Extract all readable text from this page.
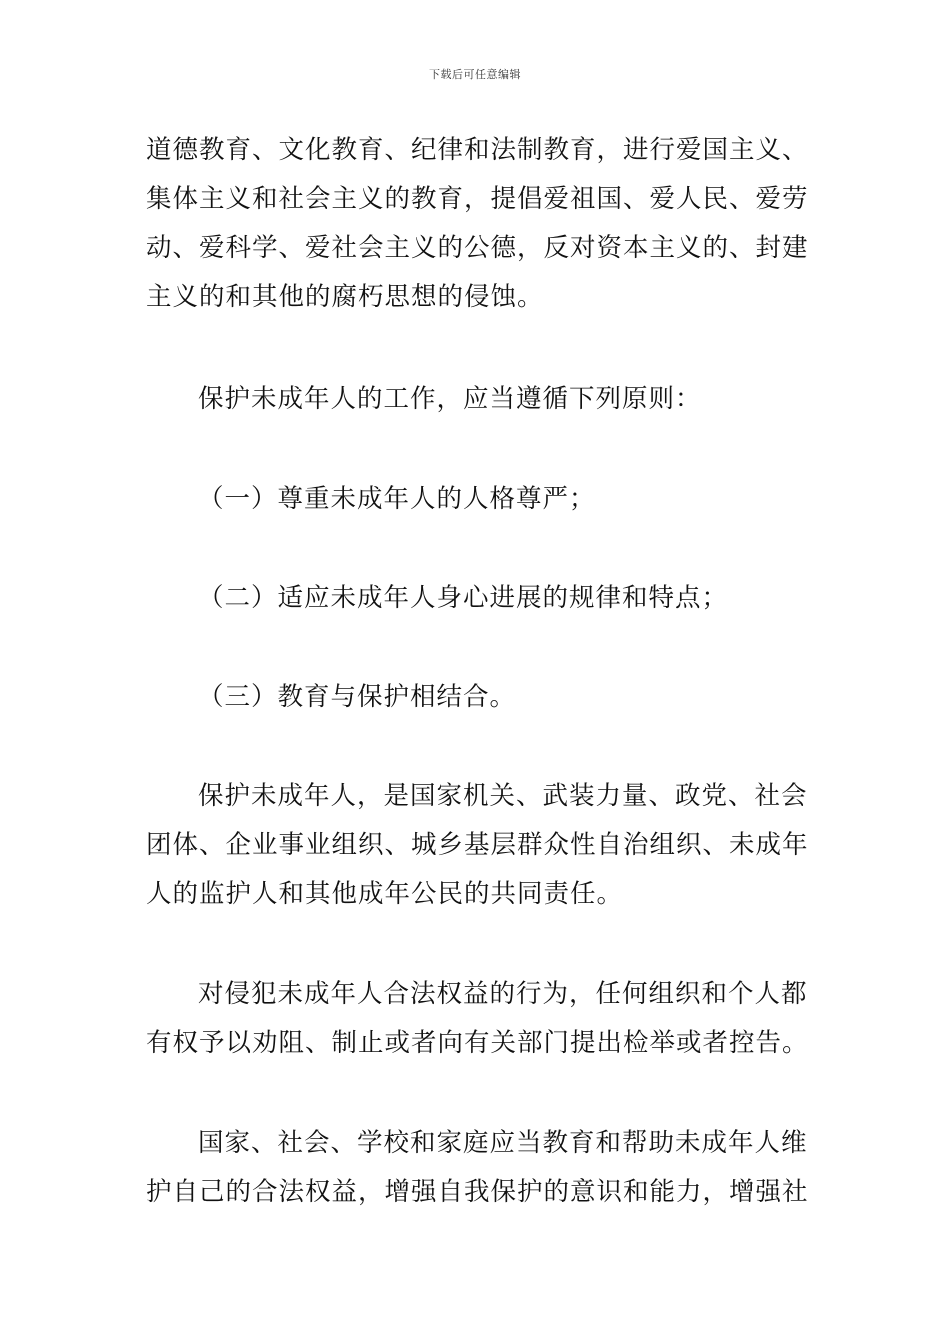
下载后可任意编辑

道德教育、文化教育、纪律和法制教育，进行爱国主义、集体主义和社会主义的教育，提倡爱祖国、爱人民、爱劳动、爱科学、爱社会主义的公德，反对资本主义的、封建主义的和其他的腐朽思想的侵蚀。

保护未成年人的工作，应当遵循下列原则：

（一）尊重未成年人的人格尊严；

（二）适应未成年人身心进展的规律和特点；

（三）教育与保护相结合。

保护未成年人，是国家机关、武装力量、政党、社会团体、企业事业组织、城乡基层群众性自治组织、未成年人的监护人和其他成年公民的共同责任。

对侵犯未成年人合法权益的行为，任何组织和个人都有权予以劝阻、制止或者向有关部门提出检举或者控告。

国家、社会、学校和家庭应当教育和帮助未成年人维护自己的合法权益，增强自我保护的意识和能力，增强社
